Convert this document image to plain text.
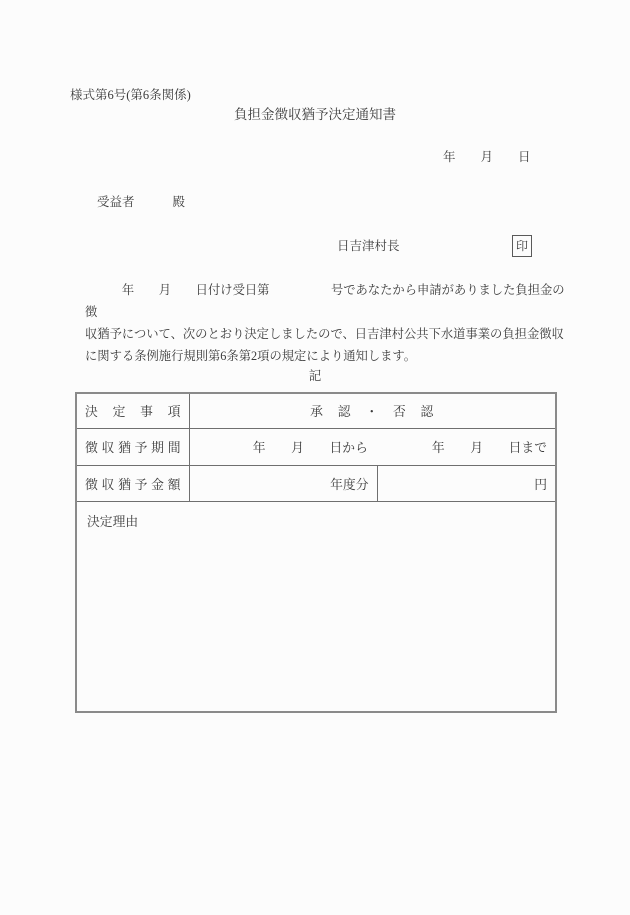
様式第6号(第6条関係)
負担金徴収猶予決定通知書
年　　月　　日
受益者	殿
日吉津村長	印
　　　年　　月　　日付け受日第　　　　　号であなたから申請がありました負担金の徴
収猶予について、次のとおり決定しましたので、日吉津村公共下水道事業の負担金徴収
に関する条例施行規則第6条第2項の規定により通知します。
記
決定事項	承　認　・　否　認	
徴収猶予期間	年　　月　　日から　　　　　年　　月　　日まで	
徴収猶予金額	年度分	円
決定理由		
